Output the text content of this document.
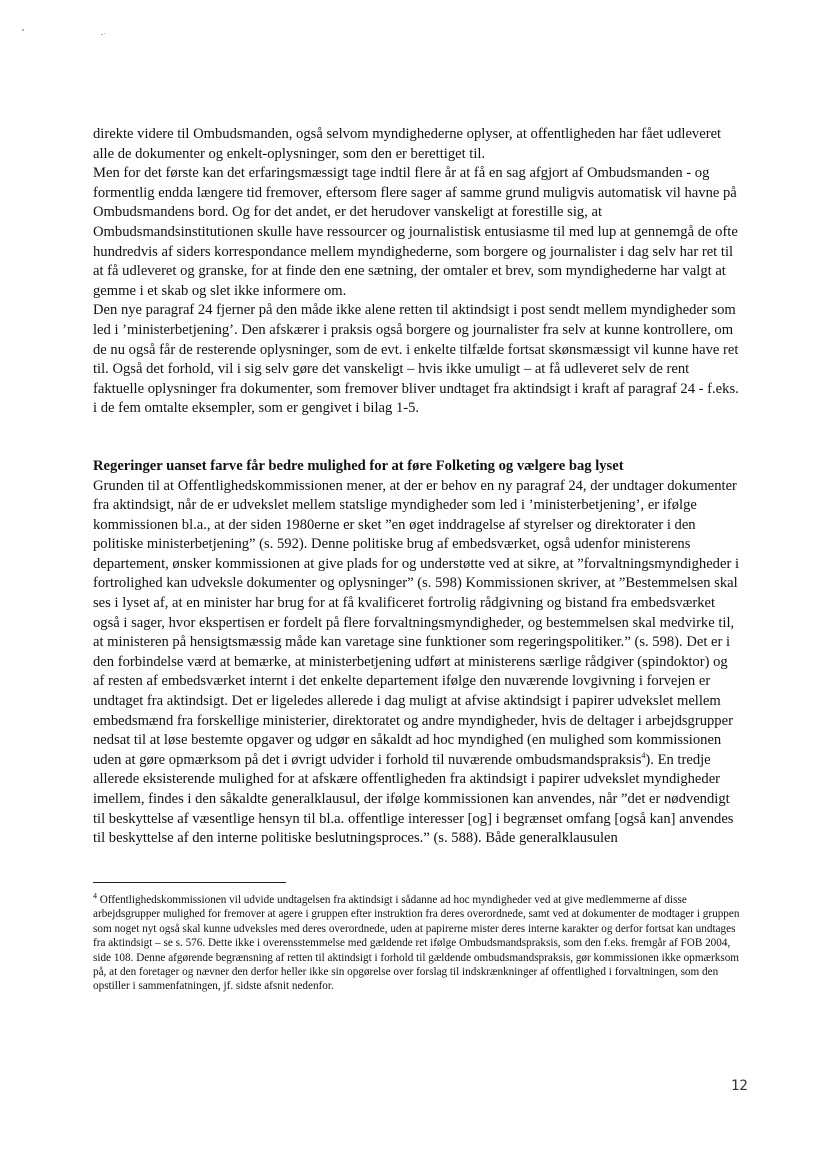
direkte videre til Ombudsmanden, også selvom myndighederne oplyser, at offentligheden har fået udleveret alle de dokumenter og enkelt-oplysninger, som den er berettiget til.

Men for det første kan det erfaringsmæssigt tage indtil flere år at få en sag afgjort af Ombudsmanden - og formentlig endda længere tid fremover, eftersom flere sager af samme grund muligvis automatisk vil havne på Ombudsmandens bord. Og for det andet, er det herudover vanskeligt at forestille sig, at Ombudsmandsinstitutionen skulle have ressourcer og journalistisk entusiasme til med lup at gennemgå de ofte hundredvis af siders korrespondance mellem myndighederne, som borgere og journalister i dag selv har ret til at få udleveret og granske, for at finde den ene sætning, der omtaler et brev, som myndighederne har valgt at gemme i et skab og slet ikke informere om.

Den nye paragraf 24 fjerner på den måde ikke alene retten til aktindsigt i post sendt mellem myndigheder som led i ’ministerbetjening’. Den afskærer i praksis også borgere og journalister fra selv at kunne kontrollere, om de nu også får de resterende oplysninger, som de evt. i enkelte tilfælde fortsat skønsmæssigt vil kunne have ret til. Også det forhold, vil i sig selv gøre det vanskeligt – hvis ikke umuligt – at få udleveret selv de rent faktuelle oplysninger fra dokumenter, som fremover bliver undtaget fra aktindsigt i kraft af paragraf 24 - f.eks. i de fem omtalte eksempler, som er gengivet i bilag 1-5.

Regeringer uanset farve får bedre mulighed for at føre Folketing og vælgere bag lyset

Grunden til at Offentlighedskommissionen mener, at der er behov en ny paragraf 24, der undtager dokumenter fra aktindsigt, når de er udvekslet mellem statslige myndigheder som led i ’ministerbetjening’, er ifølge kommissionen bl.a., at der siden 1980erne er sket ”en øget inddragelse af styrelser og direktorater i den politiske ministerbetjening” (s. 592). Denne politiske brug af embedsværket, også udenfor ministerens departement, ønsker kommissionen at give plads for og understøtte ved at sikre, at ”forvaltningsmyndigheder i fortrolighed kan udveksle dokumenter og oplysninger” (s. 598) Kommissionen skriver, at ”Bestemmelsen skal ses i lyset af, at en minister har brug for at få kvalificeret fortrolig rådgivning og bistand fra embedsværket også i sager, hvor ekspertisen er fordelt på flere forvaltningsmyndigheder, og bestemmelsen skal medvirke til, at ministeren på hensigtsmæssig måde kan varetage sine funktioner som regeringspolitiker.” (s. 598). Det er i den forbindelse værd at bemærke, at ministerbetjening udført at ministerens særlige rådgiver (spindoktor) og af resten af embedsværket internt i det enkelte departement ifølge den nuværende lovgivning i forvejen er undtaget fra aktindsigt. Det er ligeledes allerede i dag muligt at afvise aktindsigt i papirer udvekslet mellem embedsmænd fra forskellige ministerier, direktoratet og andre myndigheder, hvis de deltager i arbejdsgrupper nedsat til at løse bestemte opgaver og udgør en såkaldt ad hoc myndighed (en mulighed som kommissionen uden at gøre opmærksom på det i øvrigt udvider i forhold til nuværende ombudsmandspraksis$^4$). En tredje allerede eksisterende mulighed for at afskære offentligheden fra aktindsigt i papirer udvekslet myndigheder imellem, findes i den såkaldte generalklausul, der ifølge kommissionen kan anvendes, når ”det er nødvendigt til beskyttelse af væsentlige hensyn til bl.a. offentlige interesser [og] i begrænset omfang [også kan] anvendes til beskyttelse af den interne politiske beslutningsproces.” (s. 588). Både generalklausulen

$^4$ Offentlighedskommissionen vil udvide undtagelsen fra aktindsigt i sådanne ad hoc myndigheder ved at give medlemmerne af disse arbejdsgrupper mulighed for fremover at agere i gruppen efter instruktion fra deres overordnede, samt ved at dokumenter de modtager i gruppen som noget nyt også skal kunne udveksles med deres overordnede, uden at papirerne mister deres interne karakter og derfor fortsat kan undtages fra aktindsigt – se s. 576. Dette ikke i overensstemmelse med gældende ret ifølge Ombudsmandspraksis, som den f.eks. fremgår af FOB 2004, side 108. Denne afgørende begrænsning af retten til aktindsigt i forhold til gældende ombudsmandspraksis, gør kommissionen ikke opmærksom på, at den foretager og nævner den derfor heller ikke sin opgørelse over forslag til indskrænkninger af offentlighed i forvaltningen, som den opstiller i sammenfatningen, jf. sidste afsnit nedenfor.

12
